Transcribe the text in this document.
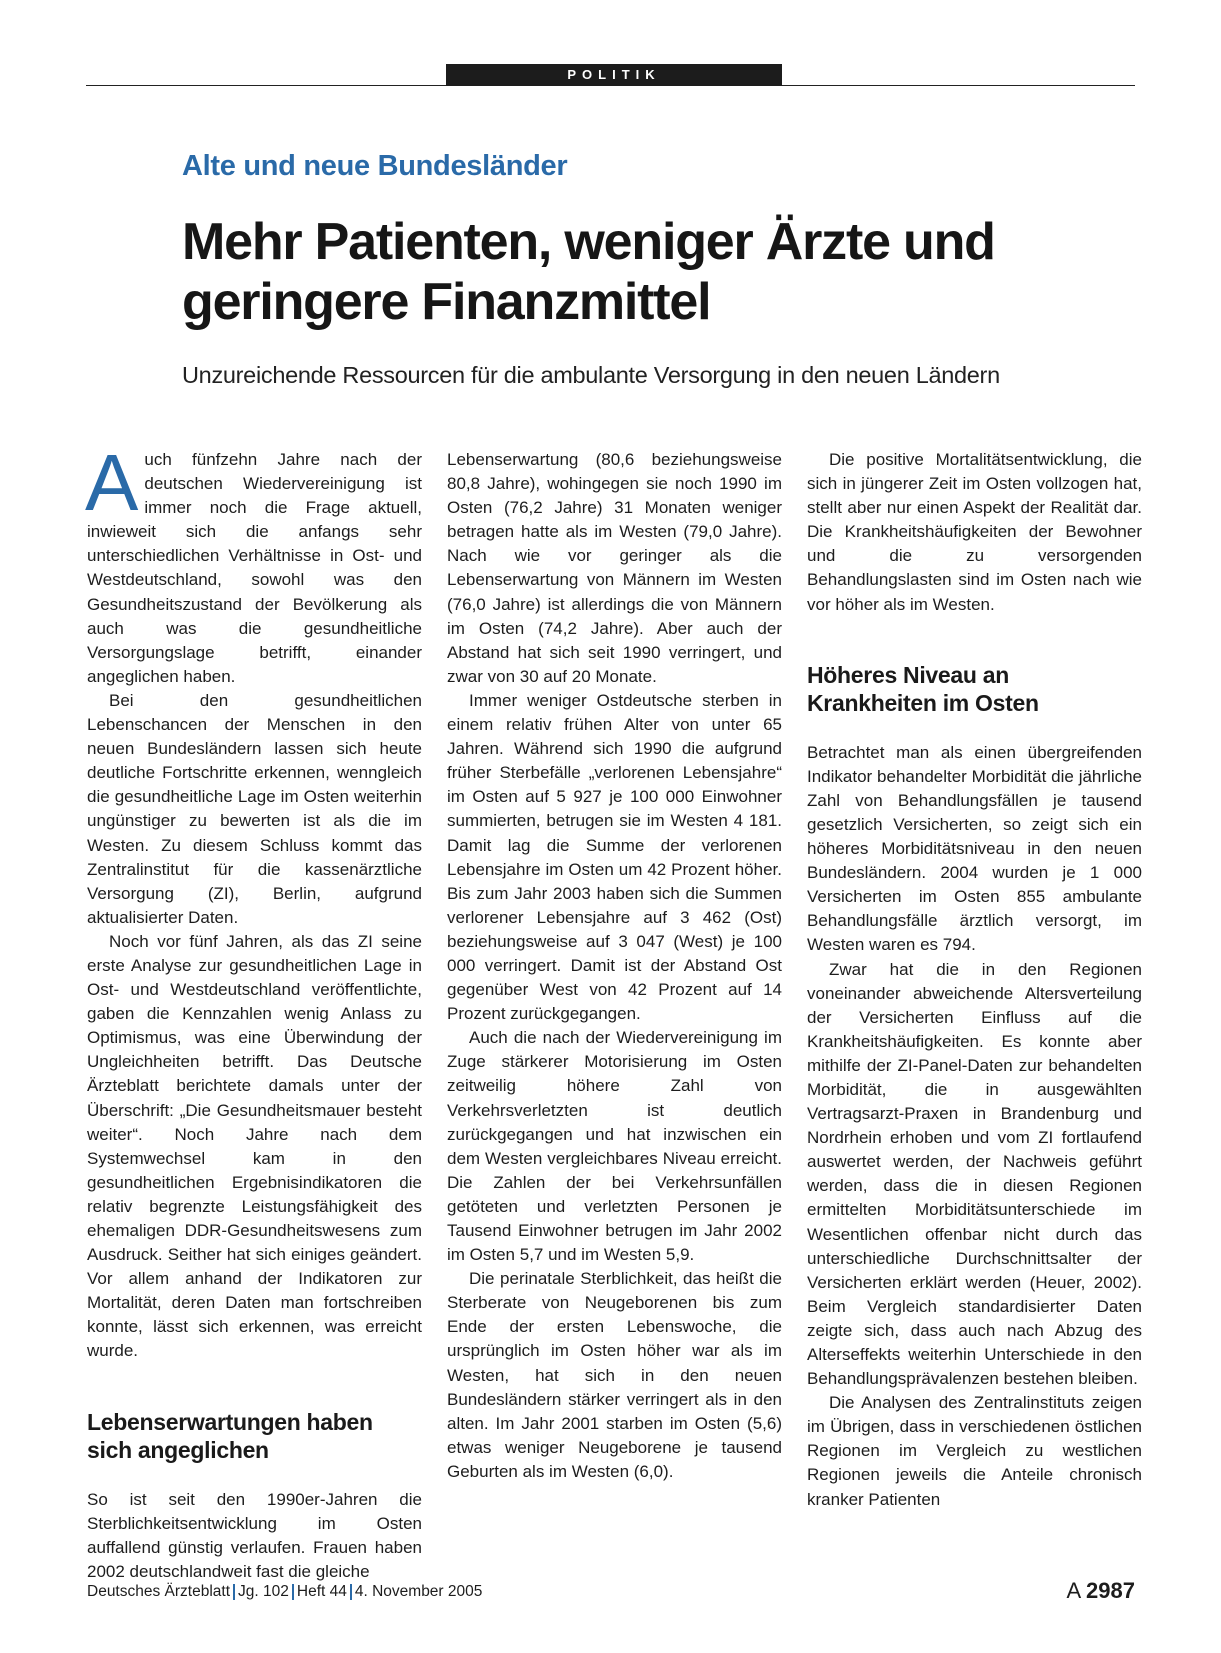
POLITIK
Alte und neue Bundesländer
Mehr Patienten, weniger Ärzte und geringere Finanzmittel
Unzureichende Ressourcen für die ambulante Versorgung in den neuen Ländern

Auch fünfzehn Jahre nach der deutschen Wiedervereinigung ist immer noch die Frage aktuell, inwieweit sich die anfangs sehr unterschiedlichen Verhältnisse in Ost- und Westdeutschland, sowohl was den Gesundheitszustand der Bevölkerung als auch was die gesundheitliche Versorgungslage betrifft, einander angeglichen haben.

Bei den gesundheitlichen Lebenschancen der Menschen in den neuen Bundesländern lassen sich heute deutliche Fortschritte erkennen, wenngleich die gesundheitliche Lage im Osten weiterhin ungünstiger zu bewerten ist als die im Westen. Zu diesem Schluss kommt das Zentralinstitut für die kassenärztliche Versorgung (ZI), Berlin, aufgrund aktualisierter Daten.

Noch vor fünf Jahren, als das ZI seine erste Analyse zur gesundheitlichen Lage in Ost- und Westdeutschland veröffentlichte, gaben die Kennzahlen wenig Anlass zu Optimismus, was eine Überwindung der Ungleichheiten betrifft. Das Deutsche Ärzteblatt berichtete damals unter der Überschrift: „Die Gesundheitsmauer besteht weiter“. Noch Jahre nach dem Systemwechsel kam in den gesundheitlichen Ergebnisindikatoren die relativ begrenzte Leistungsfähigkeit des ehemaligen DDR-Gesundheitswesens zum Ausdruck. Seither hat sich einiges geändert. Vor allem anhand der Indikatoren zur Mortalität, deren Daten man fortschreiben konnte, lässt sich erkennen, was erreicht wurde.

Lebenserwartungen haben sich angeglichen

So ist seit den 1990er-Jahren die Sterblichkeitsentwicklung im Osten auffallend günstig verlaufen. Frauen haben 2002 deutschlandweit fast die gleiche

Lebenserwartung (80,6 beziehungsweise 80,8 Jahre), wohingegen sie noch 1990 im Osten (76,2 Jahre) 31 Monaten weniger betragen hatte als im Westen (79,0 Jahre). Nach wie vor geringer als die Lebenserwartung von Männern im Westen (76,0 Jahre) ist allerdings die von Männern im Osten (74,2 Jahre). Aber auch der Abstand hat sich seit 1990 verringert, und zwar von 30 auf 20 Monate.

Immer weniger Ostdeutsche sterben in einem relativ frühen Alter von unter 65 Jahren. Während sich 1990 die aufgrund früher Sterbefälle „verlorenen Lebensjahre“ im Osten auf 5 927 je 100 000 Einwohner summierten, betrugen sie im Westen 4 181. Damit lag die Summe der verlorenen Lebensjahre im Osten um 42 Prozent höher. Bis zum Jahr 2003 haben sich die Summen verlorener Lebensjahre auf 3 462 (Ost) beziehungsweise auf 3 047 (West) je 100 000 verringert. Damit ist der Abstand Ost gegenüber West von 42 Prozent auf 14 Prozent zurückgegangen.

Auch die nach der Wiedervereinigung im Zuge stärkerer Motorisierung im Osten zeitweilig höhere Zahl von Verkehrsverletzten ist deutlich zurückgegangen und hat inzwischen ein dem Westen vergleichbares Niveau erreicht. Die Zahlen der bei Verkehrsunfällen getöteten und verletzten Personen je Tausend Einwohner betrugen im Jahr 2002 im Osten 5,7 und im Westen 5,9.

Die perinatale Sterblichkeit, das heißt die Sterberate von Neugeborenen bis zum Ende der ersten Lebenswoche, die ursprünglich im Osten höher war als im Westen, hat sich in den neuen Bundesländern stärker verringert als in den alten. Im Jahr 2001 starben im Osten (5,6) etwas weniger Neugeborene je tausend Geburten als im Westen (6,0).

Die positive Mortalitätsentwicklung, die sich in jüngerer Zeit im Osten vollzogen hat, stellt aber nur einen Aspekt der Realität dar. Die Krankheitshäufigkeiten der Bewohner und die zu versorgenden Behandlungslasten sind im Osten nach wie vor höher als im Westen.

Höheres Niveau an Krankheiten im Osten

Betrachtet man als einen übergreifenden Indikator behandelter Morbidität die jährliche Zahl von Behandlungsfällen je tausend gesetzlich Versicherten, so zeigt sich ein höheres Morbiditätsniveau in den neuen Bundesländern. 2004 wurden je 1 000 Versicherten im Osten 855 ambulante Behandlungsfälle ärztlich versorgt, im Westen waren es 794.

Zwar hat die in den Regionen voneinander abweichende Altersverteilung der Versicherten Einfluss auf die Krankheitshäufigkeiten. Es konnte aber mithilfe der ZI-Panel-Daten zur behandelten Morbidität, die in ausgewählten Vertragsarzt-Praxen in Brandenburg und Nordrhein erhoben und vom ZI fortlaufend auswertet werden, der Nachweis geführt werden, dass die in diesen Regionen ermittelten Morbiditätsunterschiede im Wesentlichen offenbar nicht durch das unterschiedliche Durchschnittsalter der Versicherten erklärt werden (Heuer, 2002). Beim Vergleich standardisierter Daten zeigte sich, dass auch nach Abzug des Alterseffekts weiterhin Unterschiede in den Behandlungsprävalenzen bestehen bleiben.

Die Analysen des Zentralinstituts zeigen im Übrigen, dass in verschiedenen östlichen Regionen im Vergleich zu westlichen Regionen jeweils die Anteile chronisch kranker Patienten

Deutsches Ärzteblatt Jg. 102 Heft 44 4. November 2005	A 2987
